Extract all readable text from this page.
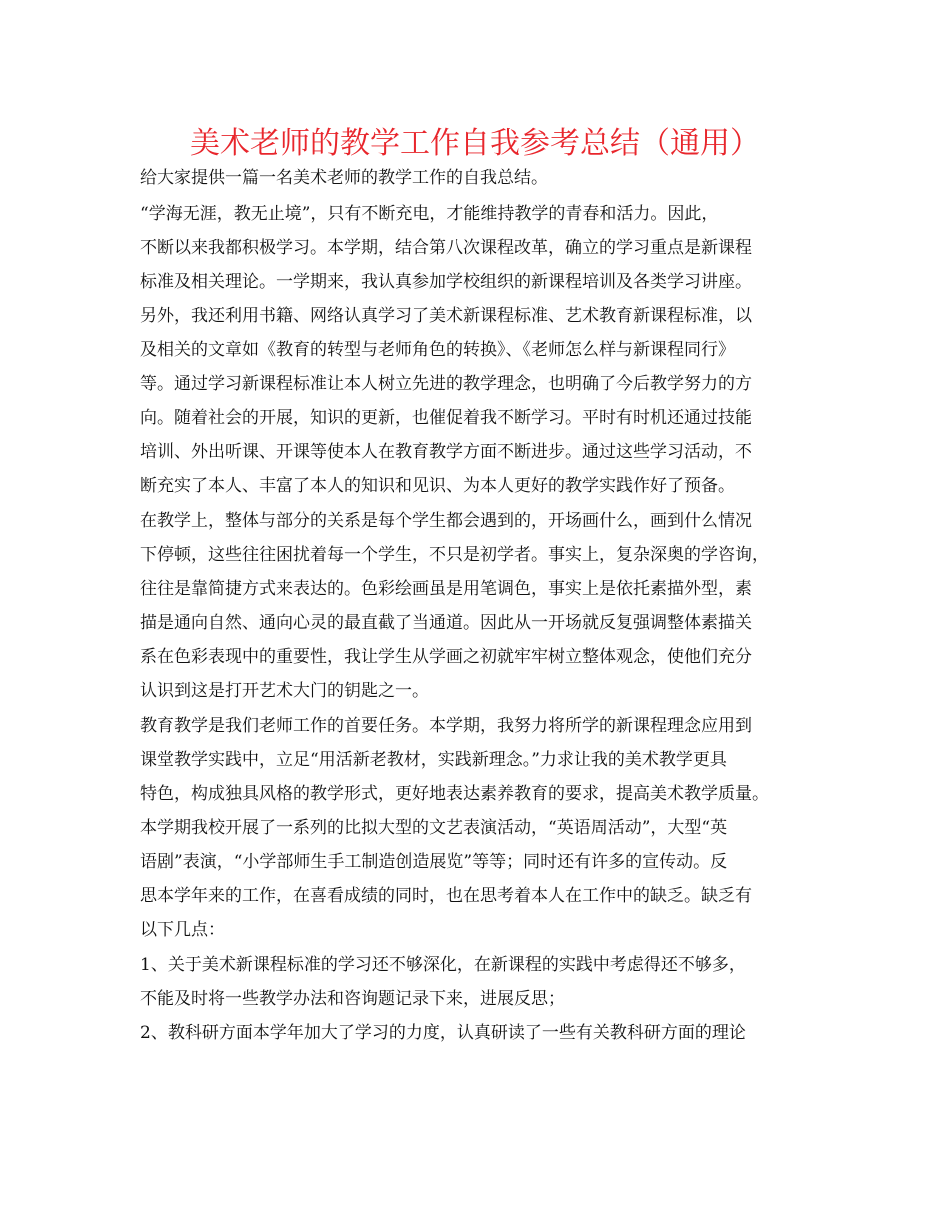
美术老师的教学工作自我参考总结（通用）

给大家提供一篇一名美术老师的教学工作的自我总结。

“学海无涯，教无止境”，只有不断充电，才能维持教学的青春和活力。因此，

不断以来我都积极学习。本学期，结合第八次课程改革，确立的学习重点是新课程

标准及相关理论。一学期来，我认真参加学校组织的新课程培训及各类学习讲座。

另外，我还利用书籍、网络认真学习了美术新课程标准、艺术教育新课程标准，以

及相关的文章如《教育的转型与老师角色的转换》、《老师怎么样与新课程同行》

等。通过学习新课程标准让本人树立先进的教学理念，也明确了今后教学努力的方

向。随着社会的开展，知识的更新，也催促着我不断学习。平时有时机还通过技能

培训、外出听课、开课等使本人在教育教学方面不断进步。通过这些学习活动，不

断充实了本人、丰富了本人的知识和见识、为本人更好的教学实践作好了预备。

在教学上，整体与部分的关系是每个学生都会遇到的，开场画什么，画到什么情况

下停顿，这些往往困扰着每一个学生，不只是初学者。事实上，复杂深奥的学咨询，

往往是靠简捷方式来表达的。色彩绘画虽是用笔调色，事实上是依托素描外型，素

描是通向自然、通向心灵的最直截了当通道。因此从一开场就反复强调整体素描关

系在色彩表现中的重要性，我让学生从学画之初就牢牢树立整体观念，使他们充分

认识到这是打开艺术大门的钥匙之一。

教育教学是我们老师工作的首要任务。本学期，我努力将所学的新课程理念应用到

课堂教学实践中，立足“用活新老教材，实践新理念。”力求让我的美术教学更具

特色，构成独具风格的教学形式，更好地表达素养教育的要求，提高美术教学质量。

本学期我校开展了一系列的比拟大型的文艺表演活动，“英语周活动”，大型“英

语剧”表演，“小学部师生手工制造创造展览”等等；同时还有许多的宣传动。反

思本学年来的工作，在喜看成绩的同时，也在思考着本人在工作中的缺乏。缺乏有

以下几点：

1、关于美术新课程标准的学习还不够深化，在新课程的实践中考虑得还不够多，

不能及时将一些教学办法和咨询题记录下来，进展反思；

2、教科研方面本学年加大了学习的力度，认真研读了一些有关教科研方面的理论
